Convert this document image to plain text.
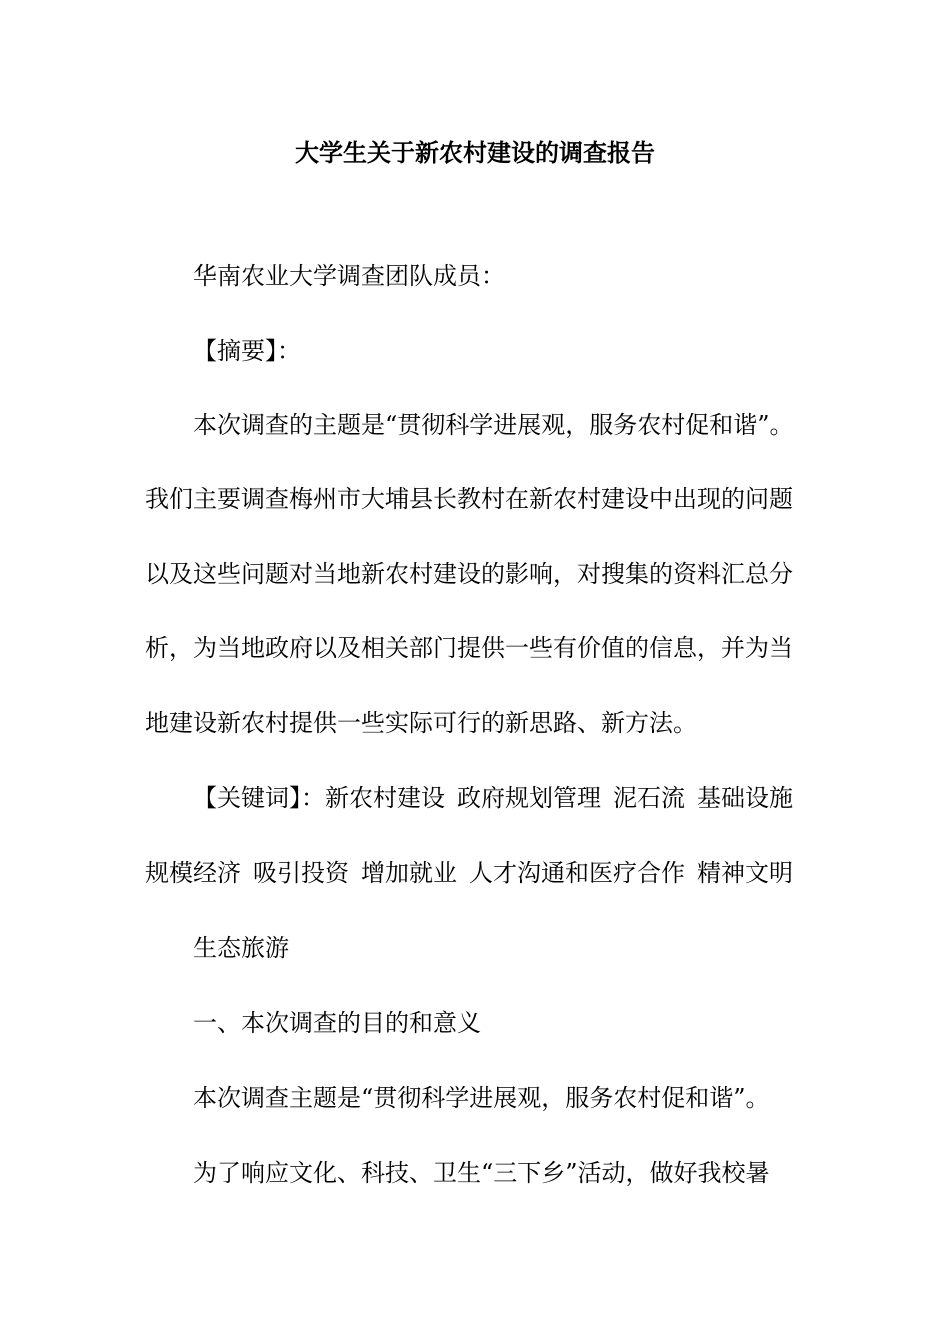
大学生关于新农村建设的调查报告
华南农业大学调查团队成员：
【摘要】：
本次调查的主题是“贯彻科学进展观，服务农村促和谐”。
我们主要调查梅州市大埔县长教村在新农村建设中出现的问题
以及这些问题对当地新农村建设的影响，对搜集的资料汇总分
析，为当地政府以及相关部门提供一些有价值的信息，并为当
地建设新农村提供一些实际可行的新思路、新方法。
【关键词】：新农村建设 政府规划管理 泥石流 基础设施
规模经济 吸引投资 增加就业 人才沟通和医疗合作 精神文明
生态旅游
一、本次调查的目的和意义
本次调查主题是“贯彻科学进展观，服务农村促和谐”。
为了响应文化、科技、卫生“三下乡”活动，做好我校暑
